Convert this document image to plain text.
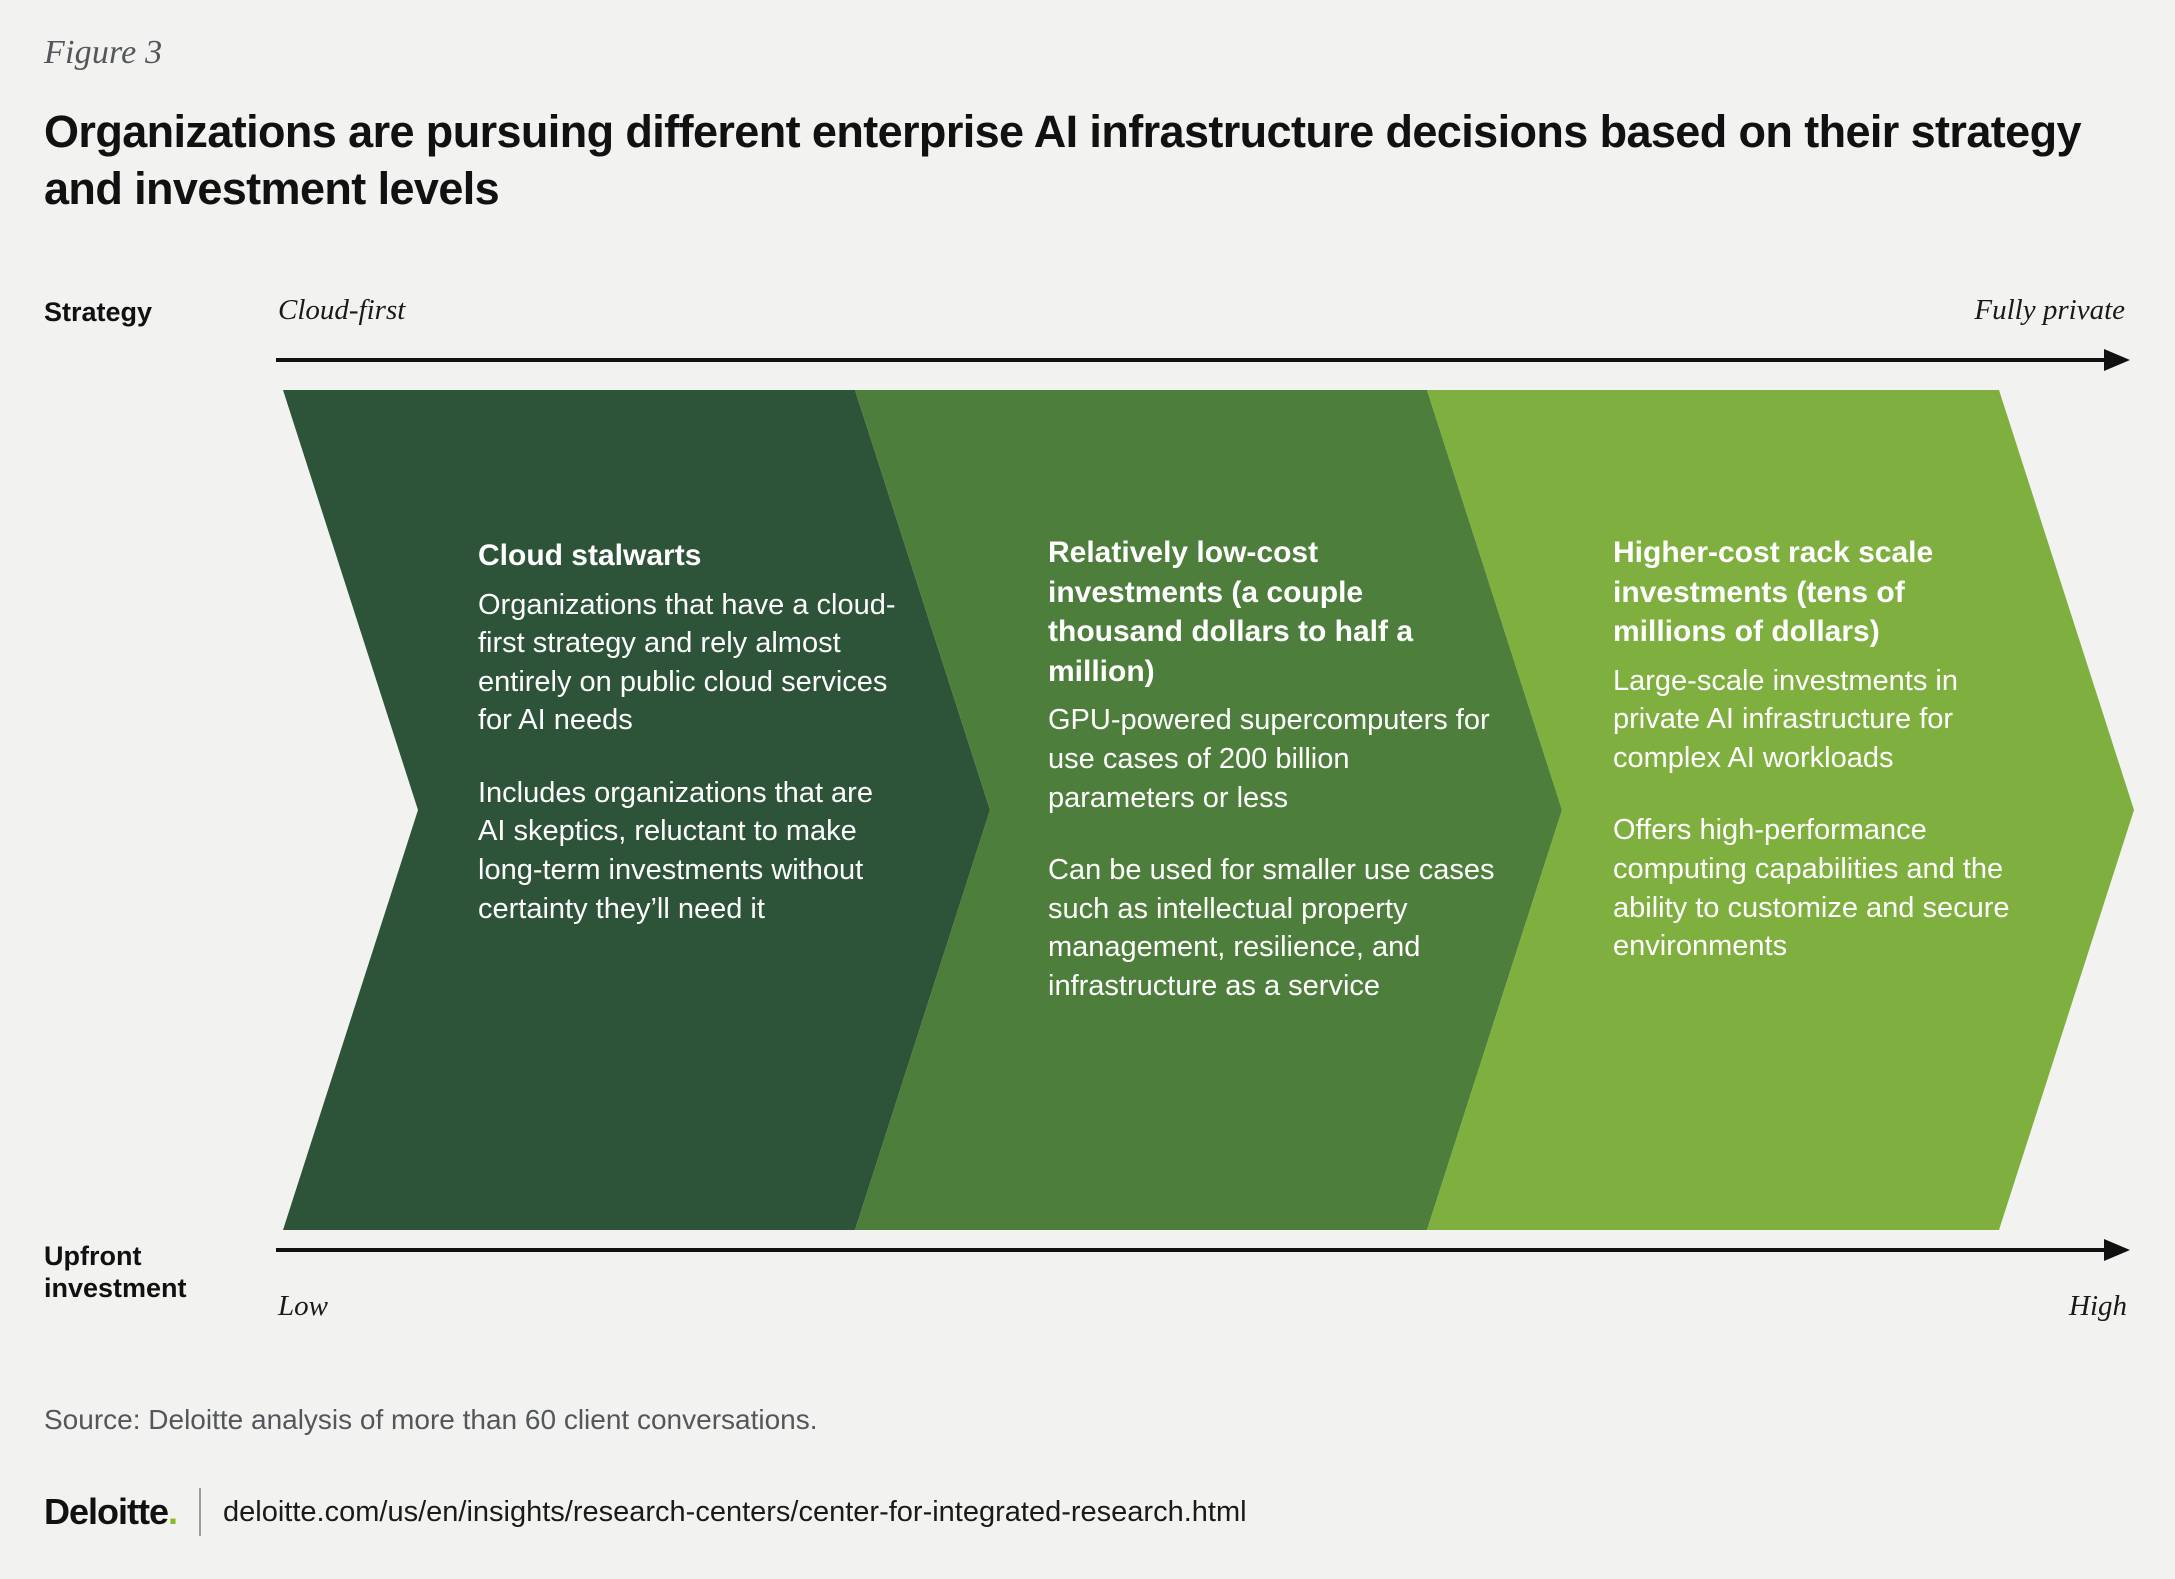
Figure 3
Organizations are pursuing different enterprise AI infrastructure decisions based on their strategy and investment levels
Strategy	Cloud-first	Fully private

Cloud stalwarts

Organizations that have a cloud-first strategy and rely almost entirely on public cloud services for AI needs

Includes organizations that are AI skeptics, reluctant to make long-term investments without certainty they’ll need it

Relatively low-cost investments (a couple thousand dollars to half a million)

GPU-powered supercomputers for use cases of 200 billion parameters or less

Can be used for smaller use cases such as intellectual property management, resilience, and infrastructure as a service

Higher-cost rack scale investments (tens of millions of dollars)

Large-scale investments in private AI infrastructure for complex AI workloads

Offers high-performance computing capabilities and the ability to customize and secure environments

Upfront investment
Low	High
Source: Deloitte analysis of more than 60 client conversations.
Deloitte.	deloitte.com/us/en/insights/research-centers/center-for-integrated-research.html
